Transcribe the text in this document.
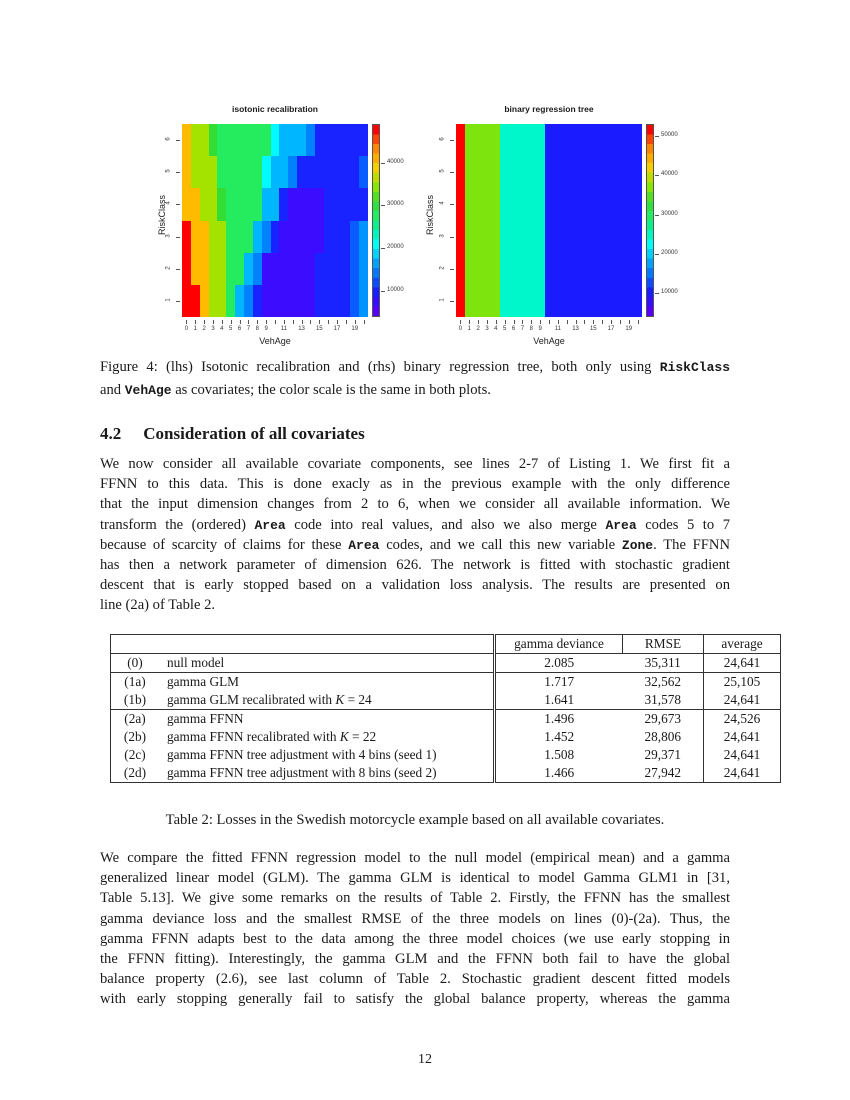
isotonic recalibration
RiskClass
1
2
3
4
5
6
0 1 2 3 4 5 6 7 8 9	11	13	15	17	19
VehAge
10000
20000
30000
40000
binary regression tree
RiskClass
1
2
3
4
5
6
0 1 2 3 4 5 6 7 8 9	11	13	15	17	19
VehAge
10000
20000
30000
40000
50000
Figure 4: (lhs) Isotonic recalibration and (rhs) binary regression tree, both only using RiskClass
and VehAge as covariates; the color scale is the same in both plots.
4.2 Consideration of all covariates
We now consider all available covariate components, see lines 2-7 of Listing 1. We first fit a
FFNN to this data. This is done exacly as in the previous example with the only difference
that the input dimension changes from 2 to 6, when we consider all available information. We
transform the (ordered) Area code into real values, and also we also merge Area codes 5 to 7
because of scarcity of claims for these Area codes, and we call this new variable Zone. The FFNN
has then a network parameter of dimension 626. The network is fitted with stochastic gradient
descent that is early stopped based on a validation loss analysis. The results are presented on
line (2a) of Table 2.
		gamma deviance	RMSE	average
(0)	null model	2.085	35,311	24,641
(1a)	gamma GLM	1.717	32,562	25,105
(1b)	gamma GLM recalibrated with K = 24	1.641	31,578	24,641
(2a)	gamma FFNN	1.496	29,673	24,526
(2b)	gamma FFNN recalibrated with K = 22	1.452	28,806	24,641
(2c)	gamma FFNN tree adjustment with 4 bins (seed 1)	1.508	29,371	24,641
(2d)	gamma FFNN tree adjustment with 8 bins (seed 2)	1.466	27,942	24,641
Table 2: Losses in the Swedish motorcycle example based on all available covariates.
We compare the fitted FFNN regression model to the null model (empirical mean) and a gamma
generalized linear model (GLM). The gamma GLM is identical to model Gamma GLM1 in [31,
Table 5.13]. We give some remarks on the results of Table 2. Firstly, the FFNN has the smallest
gamma deviance loss and the smallest RMSE of the three models on lines (0)-(2a). Thus, the
gamma FFNN adapts best to the data among the three model choices (we use early stopping in
the FFNN fitting). Interestingly, the gamma GLM and the FFNN both fail to have the global
balance property (2.6), see last column of Table 2. Stochastic gradient descent fitted models
with early stopping generally fail to satisfy the global balance property, whereas the gamma
12
